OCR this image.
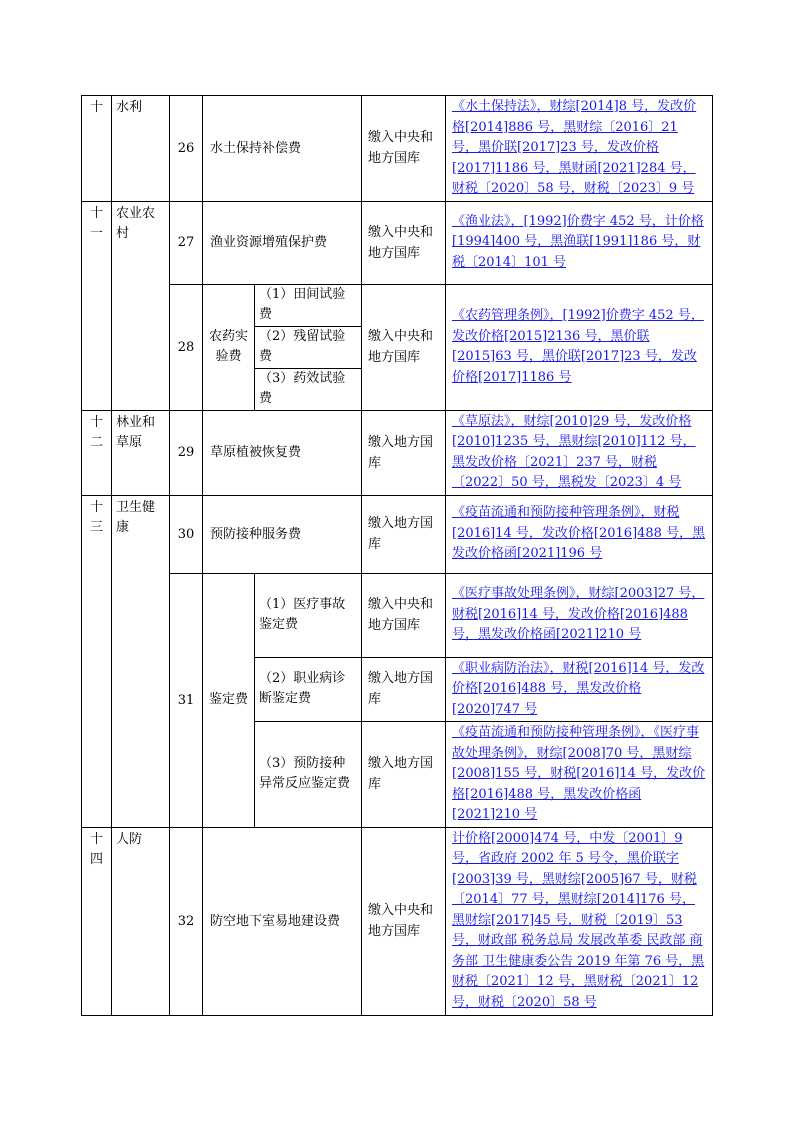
十	水利	26	水土保持补偿费		缴入中央和地方国库	《水土保持法》，财综[2014]8 号，发改价格[2014]886 号，黑财综〔2016〕21 号，黑价联[2017]23 号，发改价格[2017]1186 号，黑财函[2021]284 号，财税〔2020〕58 号，财税〔2023〕9 号
十一	农业农村	27	渔业资源增殖保护费		缴入中央和地方国库	《渔业法》，[1992]价费字 452 号，计价格[1994]400 号，黑渔联[1991]186 号，财税〔2014〕101 号
		28	农药实验费	（1）田间试验费	缴入中央和地方国库	《农药管理条例》，[1992]价费字 452 号，发改价格[2015]2136 号，黑价联[2015]63 号，黑价联[2017]23 号，发改价格[2017]1186 号
				（2）残留试验费		
				（3）药效试验费		
十二	林业和草原	29	草原植被恢复费		缴入地方国库	《草原法》，财综[2010]29 号，发改价格[2010]1235 号，黑财综[2010]112 号，黑发改价格〔2021〕237 号，财税〔2022〕50 号，黑税发〔2023〕4 号
十三	卫生健康	30	预防接种服务费		缴入地方国库	《疫苗流通和预防接种管理条例》，财税[2016]14 号，发改价格[2016]488 号，黑发改价格函[2021]196 号
		31	鉴定费	（1）医疗事故鉴定费	缴入中央和地方国库	《医疗事故处理条例》，财综[2003]27 号，财税[2016]14 号，发改价格[2016]488 号，黑发改价格函[2021]210 号
				（2）职业病诊断鉴定费	缴入地方国库	《职业病防治法》，财税[2016]14 号，发改价格[2016]488 号，黑发改价格[2020]747 号
				（3）预防接种异常反应鉴定费	缴入地方国库	《疫苗流通和预防接种管理条例》，《医疗事故处理条例》，财综[2008]70 号，黑财综[2008]155 号，财税[2016]14 号，发改价格[2016]488 号，黑发改价格函[2021]210 号
十四	人防	32	防空地下室易地建设费		缴入中央和地方国库	计价格[2000]474 号，中发〔2001〕9 号，省政府 2002 年 5 号令，黑价联字[2003]39 号，黑财综[2005]67 号，财税〔2014〕77 号，黑财综[2014]176 号，黑财综[2017]45 号，财税〔2019〕53 号，财政部 税务总局 发展改革委 民政部 商务部 卫生健康委公告 2019 年第 76 号，黑财税〔2021〕12 号，黑财税〔2021〕12 号，财税〔2020〕58 号
